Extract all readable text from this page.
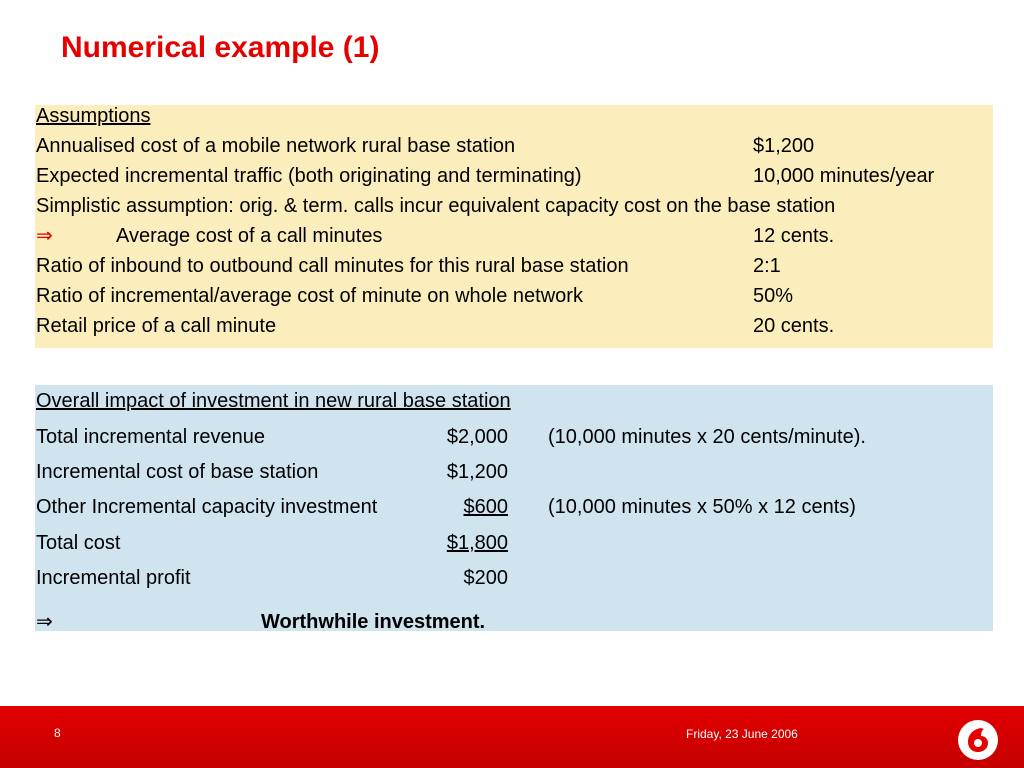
Numerical example (1)
Assumptions
Annualised cost of a mobile network rural base station	$1,200
Expected incremental traffic (both originating and terminating)	10,000 minutes/year
Simplistic assumption: orig. & term. calls incur equivalent capacity cost on the base station
⇒	Average cost of a call minutes	12 cents.
Ratio of inbound to outbound call minutes for this rural base station	2:1
Ratio of incremental/average cost of minute on whole network	50%
Retail price of a call minute	20 cents.
Overall impact of investment in new rural base station
Total incremental revenue	$2,000 (10,000 minutes x 20 cents/minute).
Incremental cost of base station	$1,200
Other Incremental capacity investment	$600 (10,000 minutes x 50% x 12 cents)
Total cost	$1,800
Incremental profit	$200
⇒	Worthwhile investment.
8	Friday, 23 June 2006
